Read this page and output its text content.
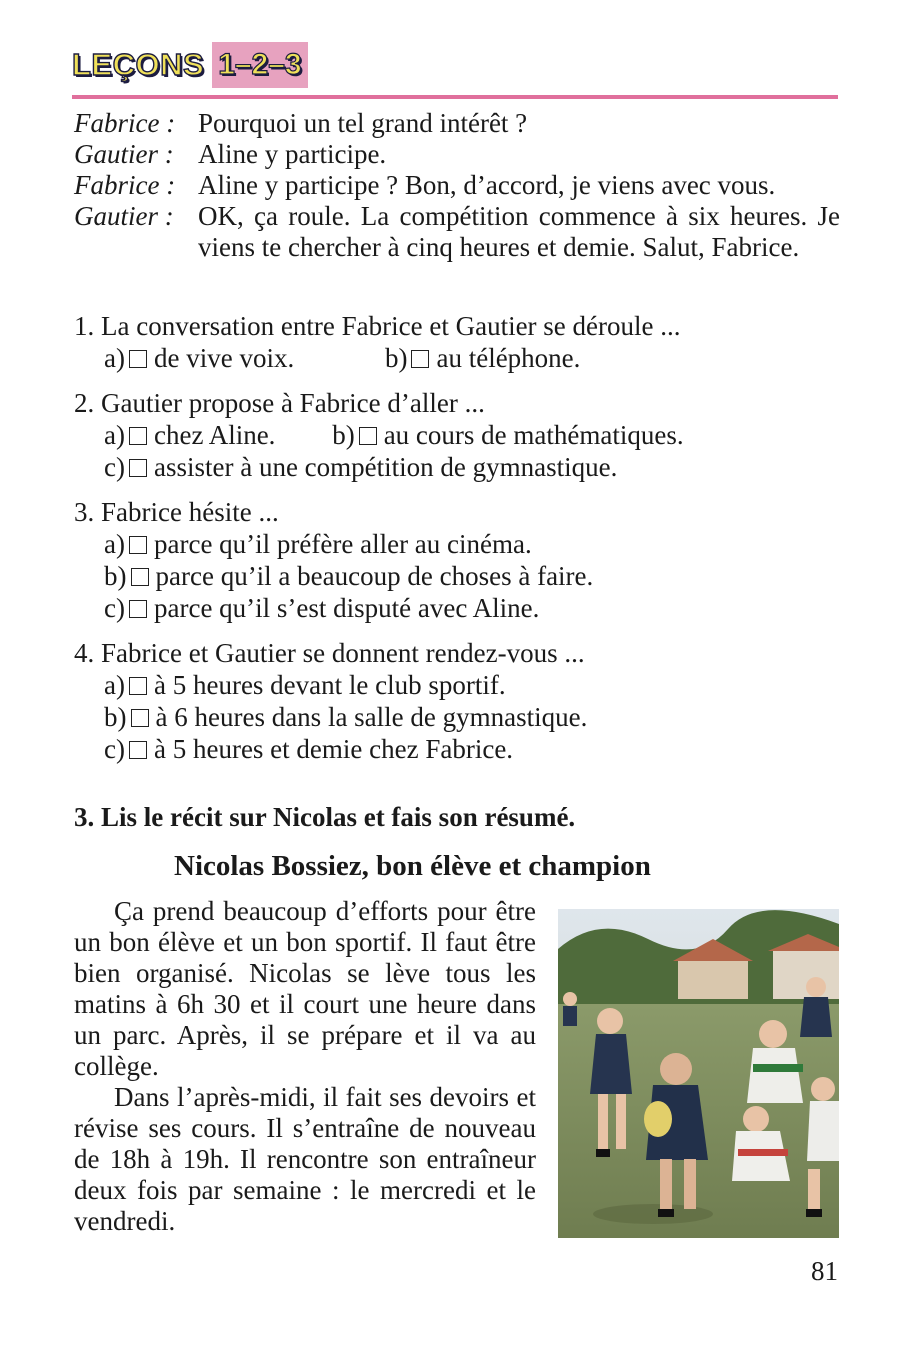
LEÇONS 1–2–3
Fabrice : Pourquoi un tel grand intérêt ?
Gautier : Aline y participe.
Fabrice : Aline y participe ? Bon, d’accord, je viens avec vous.
Gautier : OK, ça roule. La compétition commence à six heures. Je viens te chercher à cinq heures et demie. Salut, Fabrice.
1. La conversation entre Fabrice et Gautier se déroule ...
a) de vive voix.
	b) au téléphone.
2. Gautier propose à Fabrice d’aller ...
a) chez Aline.
b) au cours de mathématiques.
c) assister à une compétition de gymnastique.
3. Fabrice hésite ...
a) parce qu’il préfère aller au cinéma.
b) parce qu’il a beaucoup de choses à faire.
c) parce qu’il s’est disputé avec Aline.
4. Fabrice et Gautier se donnent rendez-vous ...
a) à 5 heures devant le club sportif.
b) à 6 heures dans la salle de gymnastique.
c) à 5 heures et demie chez Fabrice.
3. Lis le récit sur Nicolas et fais son résumé.
Nicolas Bossiez, bon élève et champion

Ça prend beaucoup d’efforts pour être un bon élève et un bon sportif. Il faut être bien organisé. Nicolas se lève tous les matins à 6h 30 et il court une heure dans un parc. Après, il se prépare et il va au collège.

Dans l’après-midi, il fait ses devoirs et révise ses cours. Il s’entraîne de nouveau de 18h à 19h. Il rencontre son entraîneur deux fois par semaine : le mercredi et le vendredi.

81
